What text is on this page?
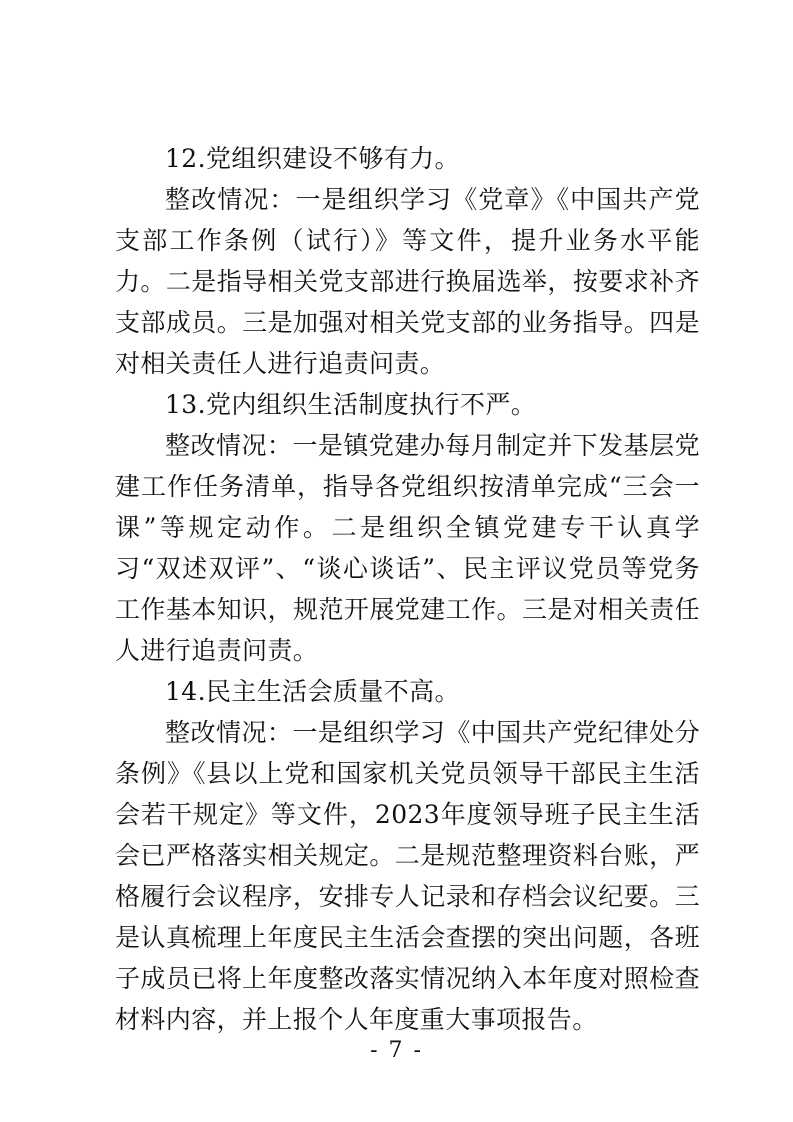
12.党组织建设不够有力。

整改情况：一是组织学习《党章》《中国共产党支部工作条例（试行）》等文件，提升业务水平能力。二是指导相关党支部进行换届选举，按要求补齐支部成员。三是加强对相关党支部的业务指导。四是对相关责任人进行追责问责。

13.党内组织生活制度执行不严。

整改情况：一是镇党建办每月制定并下发基层党建工作任务清单，指导各党组织按清单完成“三会一课”等规定动作。二是组织全镇党建专干认真学习“双述双评”、“谈心谈话”、民主评议党员等党务工作基本知识，规范开展党建工作。三是对相关责任人进行追责问责。

14.民主生活会质量不高。

整改情况：一是组织学习《中国共产党纪律处分条例》《县以上党和国家机关党员领导干部民主生活会若干规定》等文件，2023年度领导班子民主生活会已严格落实相关规定。二是规范整理资料台账，严格履行会议程序，安排专人记录和存档会议纪要。三是认真梳理上年度民主生活会查摆的突出问题，各班子成员已将上年度整改落实情况纳入本年度对照检查材料内容，并上报个人年度重大事项报告。

- 7 -
